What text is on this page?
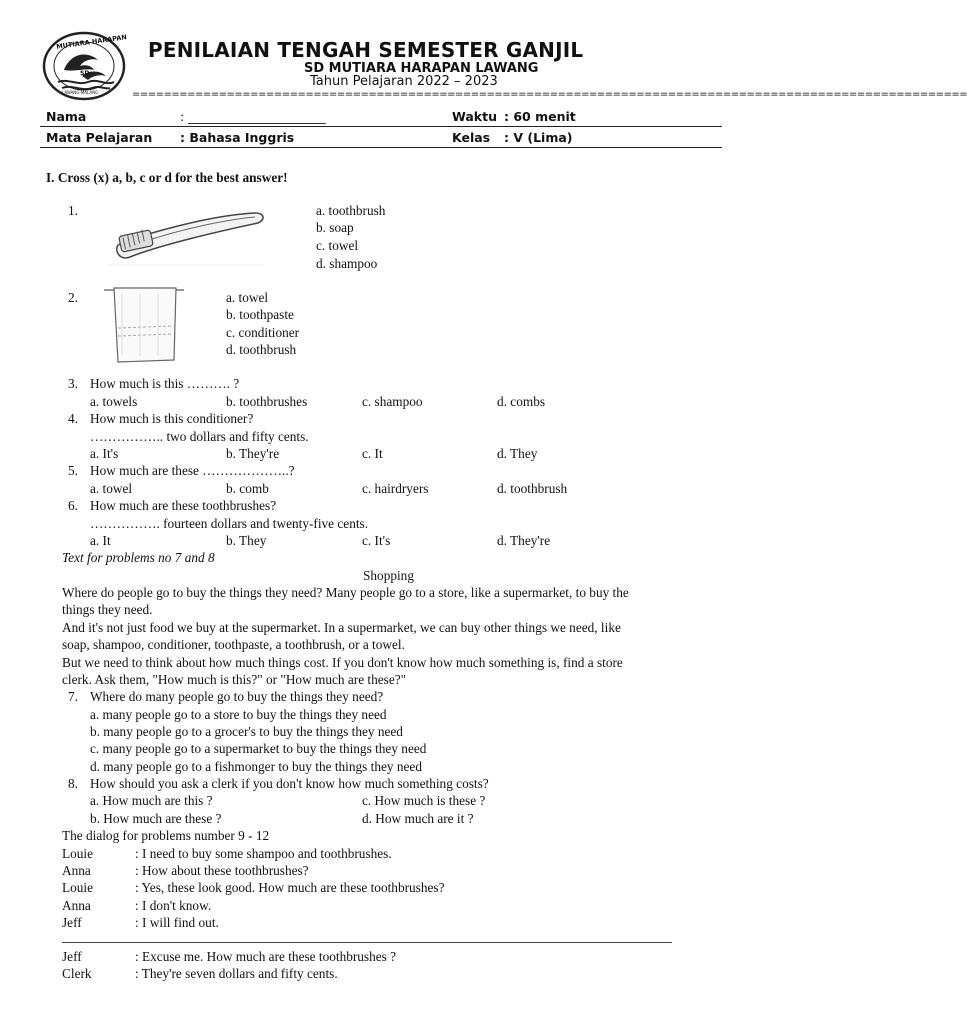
MUTIARA HARAPAN
SD
LAWANG-MALANG
PENILAIAN TENGAH SEMESTER GANJIL
SD MUTIARA HARAPAN LAWANG
Tahun Pelajaran 2022 – 2023
==========================================================================================================
Nama	: ______________________	Waktu : 60 menit
Mata Pelajaran : Bahasa Inggris	Kelas : V (Lima)
I. Cross (x) a, b, c or d for the best answer!
1.	a. toothbrush
b. soap
c. towel
d. shampoo
2.	a. towel
b. toothpaste
c. conditioner
d. toothbrush
3. How much is this ………. ?
a. towels	b. toothbrushes	c. shampoo	d. combs
4. How much is this conditioner?
…………….. two dollars and fifty cents.
a. It's	b. They're	c. It	d. They
5. How much are these ………………..?
a. towel	b. comb	c. hairdryers	d. toothbrush
6. How much are these toothbrushes?
……………. fourteen dollars and twenty-five cents.
a. It	b. They	c. It's	d. They're
Text for problems no 7 and 8
Shopping
Where do people go to buy the things they need? Many people go to a store, like a supermarket, to buy the
things they need.
And it's not just food we buy at the supermarket. In a supermarket, we can buy other things we need, like
soap, shampoo, conditioner, toothpaste, a toothbrush, or a towel.
But we need to think about how much things cost. If you don't know how much something is, find a store
clerk. Ask them, "How much is this?" or "How much are these?"
7. Where do many people go to buy the things they need?
a. many people go to a store to buy the things they need
b. many people go to a grocer's to buy the things they need
c. many people go to a supermarket to buy the things they need
d. many people go to a fishmonger to buy the things they need
8. How should you ask a clerk if you don't know how much something costs?
a. How much are this ?	c. How much is these ?
b. How much are these ?	d. How much are it ?
The dialog for problems number 9 - 12
Louie	: I need to buy some shampoo and toothbrushes.
Anna	: How about these toothbrushes?
Louie	: Yes, these look good. How much are these toothbrushes?
Anna	: I don't know.
Jeff	: I will find out.
Jeff	: Excuse me. How much are these toothbrushes ?
Clerk	: They're seven dollars and fifty cents.
